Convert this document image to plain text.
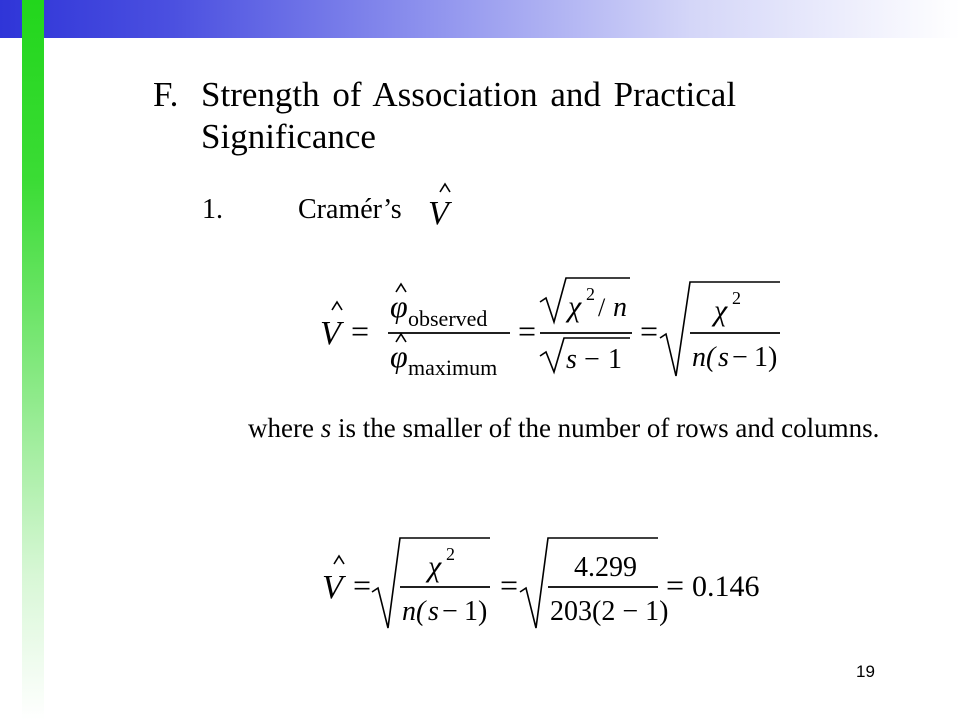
F. Strength of Association and Practical Significance
1.	Cramér’s V
V =
φ observed
φ maximum
=
χ 2 / n
s − 1
=
χ 2
n( s − 1 )
where s is the smaller of the number of rows and columns.
V =
χ 2
n( s − 1 )
= 4.299
203(2 − 1)
= 0.146
19
